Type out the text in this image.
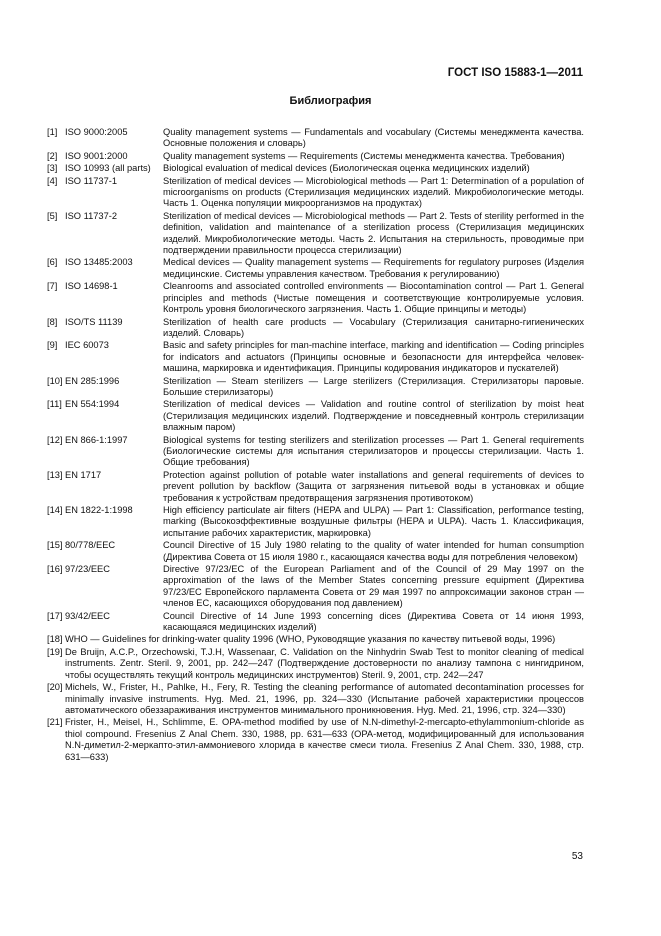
ГОСТ ISO 15883-1—2011
Библиография
[1] ISO 9000:2005	Quality management systems — Fundamentals and vocabulary (Системы менеджмента качества. Основные положения и словарь)
[2] ISO 9001:2000	Quality management systems — Requirements (Системы менеджмента качества. Требования)
[3] ISO 10993 (all parts)	Biological evaluation of medical devices (Биологическая оценка медицинских изделий)
[4] ISO 11737-1	Sterilization of medical devices — Microbiological methods — Part 1: Determination of a population of microorganisms on products (Стерилизация медицинских изделий. Микробиологические методы. Часть 1. Оценка популяции микроорганизмов на продуктах)
[5] ISO 11737-2	Sterilization of medical devices — Microbiological methods — Part 2. Tests of sterility performed in the definition, validation and maintenance of a sterilization process (Стерилизация медицинских изделий. Микробиологические методы. Часть 2. Испытания на стерильность, проводимые при подтверждении правильности процесса стерилизации)
[6] ISO 13485:2003	Medical devices — Quality management systems — Requirements for regulatory purposes (Изделия медицинские. Системы управления качеством. Требования к регулированию)
[7] ISO 14698-1	Cleanrooms and associated controlled environments — Biocontamination control — Part 1. General principles and methods (Чистые помещения и соответствующие контролируемые условия. Контроль уровня биологического загрязнения. Часть 1. Общие принципы и методы)
[8] ISO/TS 11139	Sterilization of health care products — Vocabulary (Стерилизация санитарно-гигиенических изделий. Словарь)
[9] IEC 60073	Basic and safety principles for man-machine interface, marking and identification — Coding principles for indicators and actuators (Принципы основные и безопасности для интерфейса человек-машина, маркировка и идентификация. Принципы кодирования индикаторов и пускателей)
[10] EN 285:1996	Sterilization — Steam sterilizers — Large sterilizers (Стерилизация. Стерилизаторы паровые. Большие стерилизаторы)
[11] EN 554:1994	Sterilization of medical devices — Validation and routine control of sterilization by moist heat (Стерилизация медицинских изделий. Подтверждение и повседневный контроль стерилизации влажным паром)
[12] EN 866-1:1997	Biological systems for testing sterilizers and sterilization processes — Part 1. General requirements (Биологические системы для испытания стерилизаторов и процессы стерилизации. Часть 1. Общие требования)
[13] EN 1717	Protection against pollution of potable water installations and general requirements of devices to prevent pollution by backflow (Защита от загрязнения питьевой воды в установках и общие требования к устройствам предотвращения загрязнения противотоком)
[14] EN 1822-1:1998	High efficiency particulate air filters (HEPA and ULPA) — Part 1: Classification, performance testing, marking (Высокоэффективные воздушные фильтры (HEPA и ULPA). Часть 1. Классификация, испытание рабочих характеристик, маркировка)
[15] 80/778/EEC	Council Directive of 15 July 1980 relating to the quality of water intended for human consumption (Директива Совета от 15 июля 1980 г., касающаяся качества воды для потребления человеком)
[16] 97/23/EEC	Directive 97/23/EC of the European Parliament and of the Council of 29 May 1997 on the approximation of the laws of the Member States concerning pressure equipment (Директива 97/23/EC Европейского парламента Совета от 29 мая 1997 по аппроксимации законов стран — членов ЕС, касающихся оборудования под давлением)
[17] 93/42/EEC	Council Directive of 14 June 1993 concerning dices (Директива Совета от 14 июня 1993, касающаяся медицинских изделий)
[18] WHO — Guidelines for drinking-water quality 1996 (WHO, Руководящие указания по качеству питьевой воды, 1996)
[19] De Bruijn, A.C.P., Orzechowski, T.J.H, Wassenaar, C. Validation on the Ninhydrin Swab Test to monitor cleaning of medical instruments. Zentr. Steril. 9, 2001, pp. 242—247 (Подтверждение достоверности по анализу тампона с нингидрином, чтобы осуществлять текущий контроль медицинских инструментов) Steril. 9, 2001, стр. 242—247
[20] Michels, W., Frister, H., Pahlke, H., Fery, R. Testing the cleaning performance of automated decontamination processes for minimally invasive instruments. Hyg. Med. 21, 1996, pp. 324—330 (Испытание рабочей характеристики процессов автоматического обеззараживания инструментов минимального проникновения. Hyg. Med. 21, 1996, стр. 324—330)
[21] Frister, H., Meisel, H., Schlimme, E. OPA-method modified by use of N.N-dimethyl-2-mercapto-ethylammonium-chloride as thiol compound. Fresenius Z Anal Chem. 330, 1988, pp. 631—633 (ОРА-метод, модифицированный для использования N.N-диметил-2-меркапто-этил-аммониевого хлорида в качестве смеси тиола. Fresenius Z Anal Chem. 330, 1988, стр. 631—633)
53
